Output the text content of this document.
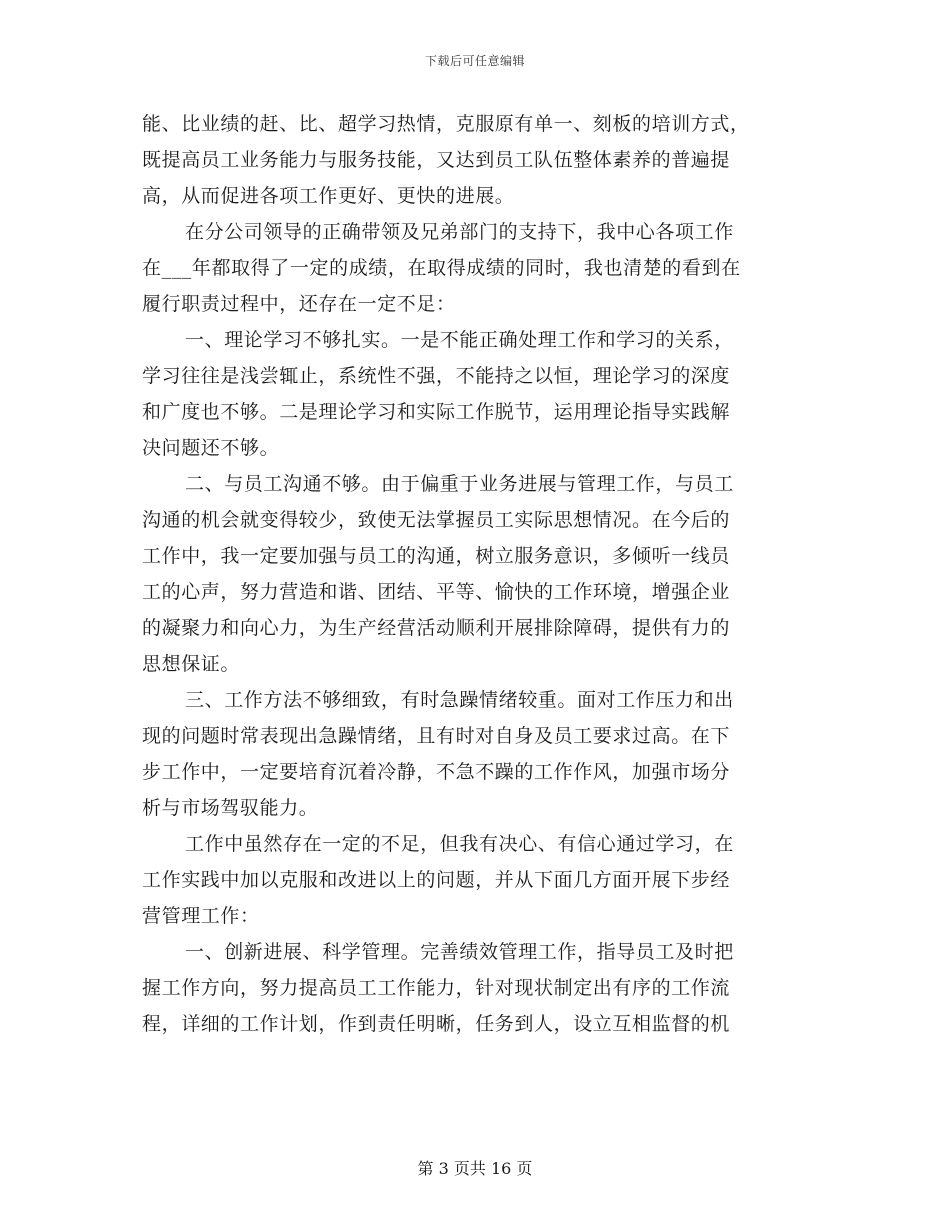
下载后可任意编辑
能、比业绩的赶、比、超学习热情，克服原有单一、刻板的培训方式，
既提高员工业务能力与服务技能，又达到员工队伍整体素养的普遍提
高，从而促进各项工作更好、更快的进展。
在分公司领导的正确带领及兄弟部门的支持下，我中心各项工作
在___年都取得了一定的成绩，在取得成绩的同时，我也清楚的看到在
履行职责过程中，还存在一定不足：
一、理论学习不够扎实。一是不能正确处理工作和学习的关系，
学习往往是浅尝辄止，系统性不强，不能持之以恒，理论学习的深度
和广度也不够。二是理论学习和实际工作脱节，运用理论指导实践解
决问题还不够。
二、与员工沟通不够。由于偏重于业务进展与管理工作，与员工
沟通的机会就变得较少，致使无法掌握员工实际思想情况。在今后的
工作中，我一定要加强与员工的沟通，树立服务意识，多倾听一线员
工的心声，努力营造和谐、团结、平等、愉快的工作环境，增强企业
的凝聚力和向心力，为生产经营活动顺利开展排除障碍，提供有力的
思想保证。
三、工作方法不够细致，有时急躁情绪较重。面对工作压力和出
现的问题时常表现出急躁情绪，且有时对自身及员工要求过高。在下
步工作中，一定要培育沉着冷静，不急不躁的工作作风，加强市场分
析与市场驾驭能力。
工作中虽然存在一定的不足，但我有决心、有信心通过学习，在
工作实践中加以克服和改进以上的问题，并从下面几方面开展下步经
营管理工作：
一、创新进展、科学管理。完善绩效管理工作，指导员工及时把
握工作方向，努力提高员工工作能力，针对现状制定出有序的工作流
程，详细的工作计划，作到责任明晰，任务到人，设立互相监督的机
第 3 页共 16 页
